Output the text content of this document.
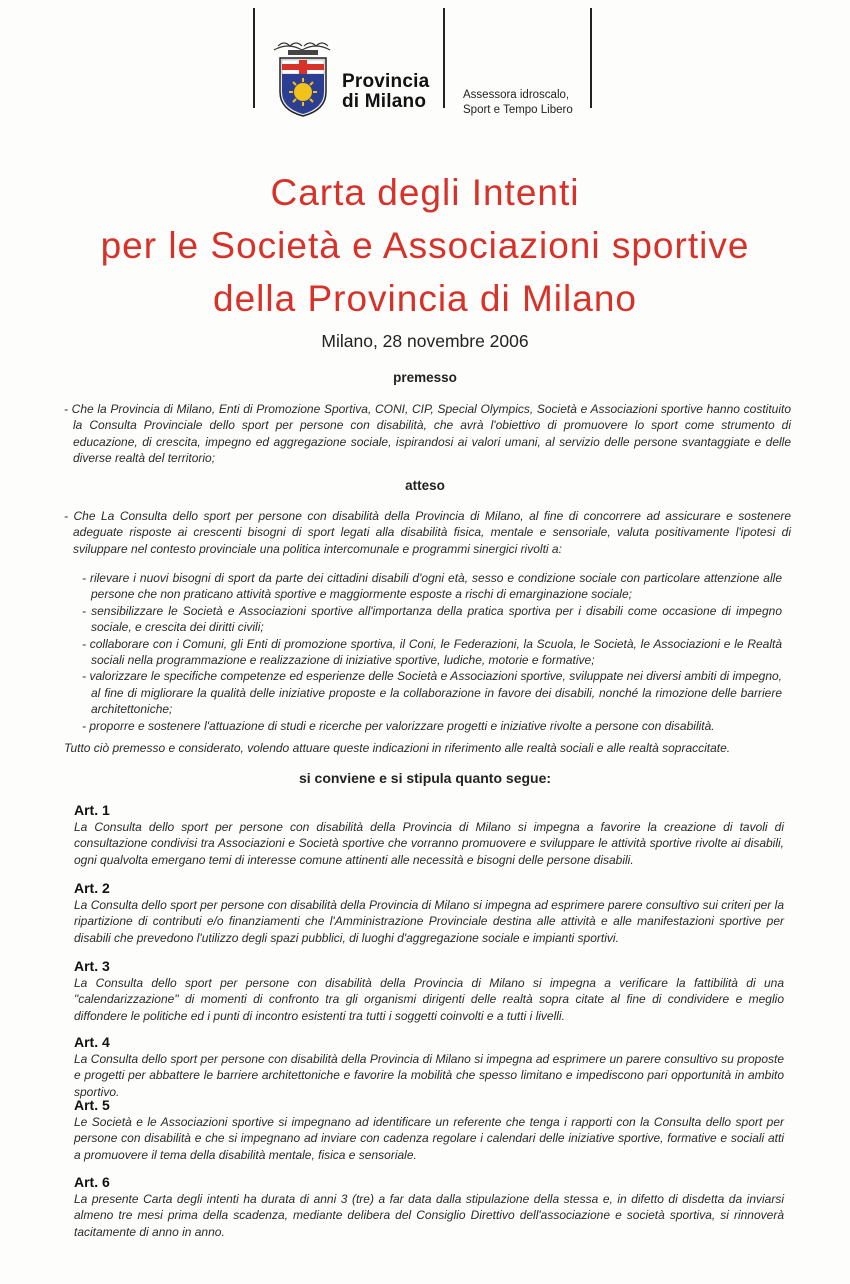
Provincia
di Milano	Assessora idroscalo,
Sport e Tempo Libero
Carta degli Intenti
per le Società e Associazioni sportive
della Provincia di Milano
Milano, 28 novembre 2006
premesso
- Che la Provincia di Milano, Enti di Promozione Sportiva, CONI, CIP, Special Olympics, Società e Associazioni sportive hanno costituito la Consulta Provinciale dello sport per persone con disabilità, che avrà l'obiettivo di promuovere lo sport come strumento di educazione, di crescita, impegno ed aggregazione sociale, ispirandosi ai valori umani, al servizio delle persone svantaggiate e delle diverse realtà del territorio;
atteso
- Che La Consulta dello sport per persone con disabilità della Provincia di Milano, al fine di concorrere ad assicurare e sostenere adeguate risposte ai crescenti bisogni di sport legati alla disabilità fisica, mentale e sensoriale, valuta positivamente l'ipotesi di sviluppare nel contesto provinciale una politica intercomunale e programmi sinergici rivolti a:
- rilevare i nuovi bisogni di sport da parte dei cittadini disabili d'ogni età, sesso e condizione sociale con particolare attenzione alle persone che non praticano attività sportive e maggiormente esposte a rischi di emarginazione sociale;
- sensibilizzare le Società e Associazioni sportive all'importanza della pratica sportiva per i disabili come occasione di impegno sociale, e crescita dei diritti civili;
- collaborare con i Comuni, gli Enti di promozione sportiva, il Coni, le Federazioni, la Scuola, le Società, le Associazioni e le Realtà sociali nella programmazione e realizzazione di iniziative sportive, ludiche, motorie e formative;
- valorizzare le specifiche competenze ed esperienze delle Società e Associazioni sportive, sviluppate nei diversi ambiti di impegno, al fine di migliorare la qualità delle iniziative proposte e la collaborazione in favore dei disabili, nonché la rimozione delle barriere architettoniche;
- proporre e sostenere l'attuazione di studi e ricerche per valorizzare progetti e iniziative rivolte a persone con disabilità.
Tutto ciò premesso e considerato, volendo attuare queste indicazioni in riferimento alle realtà sociali e alle realtà sopraccitate.
si conviene e si stipula quanto segue:
Art. 1
La Consulta dello sport per persone con disabilità della Provincia di Milano si impegna a favorire la creazione di tavoli di consultazione condivisi tra Associazioni e Società sportive che vorranno promuovere e sviluppare le attività sportive rivolte ai disabili, ogni qualvolta emergano temi di interesse comune attinenti alle necessità e bisogni delle persone disabili.
Art. 2
La Consulta dello sport per persone con disabilità della Provincia di Milano si impegna ad esprimere parere consultivo sui criteri per la ripartizione di contributi e/o finanziamenti che l'Amministrazione Provinciale destina alle attività e alle manifestazioni sportive per disabili che prevedono l'utilizzo degli spazi pubblici, di luoghi d'aggregazione sociale e impianti sportivi.
Art. 3
La Consulta dello sport per persone con disabilità della Provincia di Milano si impegna a verificare la fattibilità di una "calendarizzazione" di momenti di confronto tra gli organismi dirigenti delle realtà sopra citate al fine di condividere e meglio diffondere le politiche ed i punti di incontro esistenti tra tutti i soggetti coinvolti e a tutti i livelli.
Art. 4
La Consulta dello sport per persone con disabilità della Provincia di Milano si impegna ad esprimere un parere consultivo su proposte e progetti per abbattere le barriere architettoniche e favorire la mobilità che spesso limitano e impediscono pari opportunità in ambito sportivo.
Art. 5
Le Società e le Associazioni sportive si impegnano ad identificare un referente che tenga i rapporti con la Consulta dello sport per persone con disabilità e che si impegnano ad inviare con cadenza regolare i calendari delle iniziative sportive, formative e sociali atti a promuovere il tema della disabilità mentale, fisica e sensoriale.
Art. 6
La presente Carta degli intenti ha durata di anni 3 (tre) a far data dalla stipulazione della stessa e, in difetto di disdetta da inviarsi almeno tre mesi prima della scadenza, mediante delibera del Consiglio Direttivo dell'associazione e società sportiva, si rinnoverà tacitamente di anno in anno.
